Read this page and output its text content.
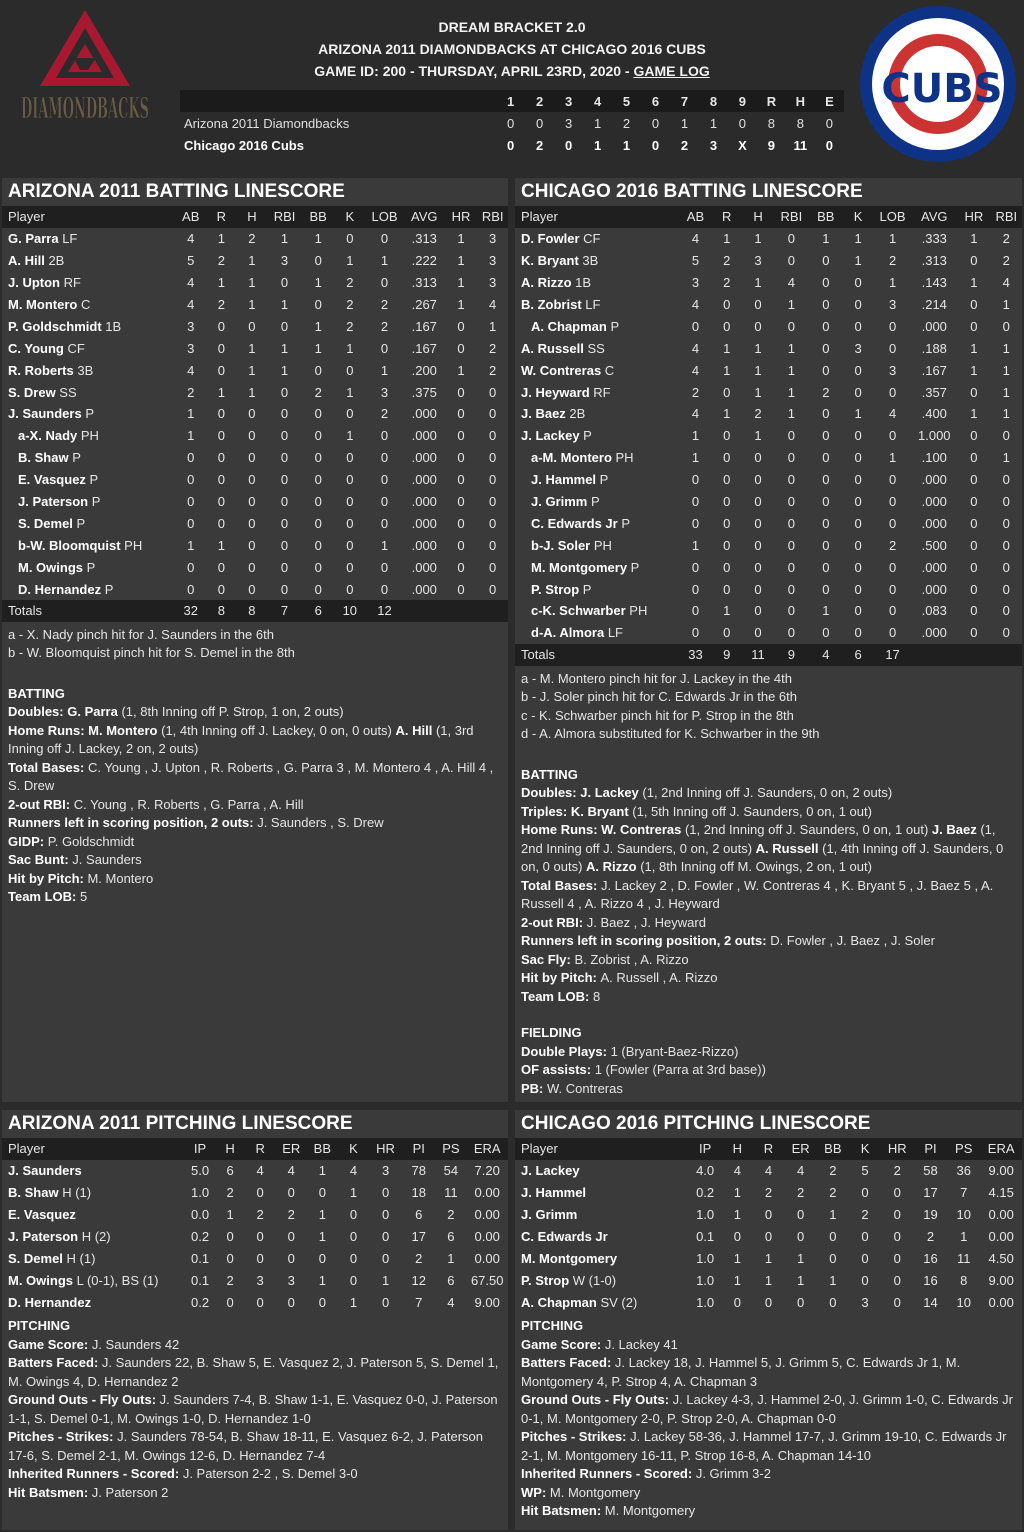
DIAMONDBACKS
DREAM BRACKET 2.0
ARIZONA 2011 DIAMONDBACKS AT CHICAGO 2016 CUBS
GAME ID: 200 - THURSDAY, APRIL 23RD, 2020 - GAME LOG
	1	2	3	4	5	6	7	8	9	R	H	E
Arizona 2011 Diamondbacks	0	0	3	1	2	0	1	1	0	8	8	0
Chicago 2016 Cubs	0	2	0	1	1	0	2	3	X	9	11	0
CUBS
ARIZONA 2011 BATTING LINESCORE
Player	AB	R	H	RBI	BB	K	LOB	AVG	HR	RBI
G. Parra LF	4	1	2	1	1	0	0	.313	1	3
A. Hill 2B	5	2	1	3	0	1	1	.222	1	3
J. Upton RF	4	1	1	0	1	2	0	.313	1	3
M. Montero C	4	2	1	1	0	2	2	.267	1	4
P. Goldschmidt 1B	3	0	0	0	1	2	2	.167	0	1
C. Young CF	3	0	1	1	1	1	0	.167	0	2
R. Roberts 3B	4	0	1	1	0	0	1	.200	1	2
S. Drew SS	2	1	1	0	2	1	3	.375	0	0
J. Saunders P	1	0	0	0	0	0	2	.000	0	0
a-X. Nady PH	1	0	0	0	0	1	0	.000	0	0
B. Shaw P	0	0	0	0	0	0	0	.000	0	0
E. Vasquez P	0	0	0	0	0	0	0	.000	0	0
J. Paterson P	0	0	0	0	0	0	0	.000	0	0
S. Demel P	0	0	0	0	0	0	0	.000	0	0
b-W. Bloomquist PH	1	1	0	0	0	0	1	.000	0	0
M. Owings P	0	0	0	0	0	0	0	.000	0	0
D. Hernandez P	0	0	0	0	0	0	0	.000	0	0
Totals	32	8	8	7	6	10	12			
a - X. Nady pinch hit for J. Saunders in the 6th
b - W. Bloomquist pinch hit for S. Demel in the 8th
BATTING
Doubles: G. Parra (1, 8th Inning off P. Strop, 1 on, 2 outs)
Home Runs: M. Montero (1, 4th Inning off J. Lackey, 0 on, 0 outs) A. Hill (1, 3rd Inning off J. Lackey, 2 on, 2 outs)
Total Bases: C. Young , J. Upton , R. Roberts , G. Parra 3 , M. Montero 4 , A. Hill 4 , S. Drew
2-out RBI: C. Young , R. Roberts , G. Parra , A. Hill
Runners left in scoring position, 2 outs: J. Saunders , S. Drew
GIDP: P. Goldschmidt
Sac Bunt: J. Saunders
Hit by Pitch: M. Montero
Team LOB: 5
CHICAGO 2016 BATTING LINESCORE
Player	AB	R	H	RBI	BB	K	LOB	AVG	HR	RBI
D. Fowler CF	4	1	1	0	1	1	1	.333	1	2
K. Bryant 3B	5	2	3	0	0	1	2	.313	0	2
A. Rizzo 1B	3	2	1	4	0	0	1	.143	1	4
B. Zobrist LF	4	0	0	1	0	0	3	.214	0	1
A. Chapman P	0	0	0	0	0	0	0	.000	0	0
A. Russell SS	4	1	1	1	0	3	0	.188	1	1
W. Contreras C	4	1	1	1	0	0	3	.167	1	1
J. Heyward RF	2	0	1	1	2	0	0	.357	0	1
J. Baez 2B	4	1	2	1	0	1	4	.400	1	1
J. Lackey P	1	0	1	0	0	0	0	1.000	0	0
a-M. Montero PH	1	0	0	0	0	0	1	.100	0	1
J. Hammel P	0	0	0	0	0	0	0	.000	0	0
J. Grimm P	0	0	0	0	0	0	0	.000	0	0
C. Edwards Jr P	0	0	0	0	0	0	0	.000	0	0
b-J. Soler PH	1	0	0	0	0	0	2	.500	0	0
M. Montgomery P	0	0	0	0	0	0	0	.000	0	0
P. Strop P	0	0	0	0	0	0	0	.000	0	0
c-K. Schwarber PH	0	1	0	0	1	0	0	.083	0	0
d-A. Almora LF	0	0	0	0	0	0	0	.000	0	0
Totals	33	9	11	9	4	6	17			
a - M. Montero pinch hit for J. Lackey in the 4th
b - J. Soler pinch hit for C. Edwards Jr in the 6th
c - K. Schwarber pinch hit for P. Strop in the 8th
d - A. Almora substituted for K. Schwarber in the 9th
BATTING
Doubles: J. Lackey (1, 2nd Inning off J. Saunders, 0 on, 2 outs)
Triples: K. Bryant (1, 5th Inning off J. Saunders, 0 on, 1 out)
Home Runs: W. Contreras (1, 2nd Inning off J. Saunders, 0 on, 1 out) J. Baez (1, 2nd Inning off J. Saunders, 0 on, 2 outs) A. Russell (1, 4th Inning off J. Saunders, 0 on, 0 outs) A. Rizzo (1, 8th Inning off M. Owings, 2 on, 1 out)
Total Bases: J. Lackey 2 , D. Fowler , W. Contreras 4 , K. Bryant 5 , J. Baez 5 , A. Russell 4 , A. Rizzo 4 , J. Heyward
2-out RBI: J. Baez , J. Heyward
Runners left in scoring position, 2 outs: D. Fowler , J. Baez , J. Soler
Sac Fly: B. Zobrist , A. Rizzo
Hit by Pitch: A. Russell , A. Rizzo
Team LOB: 8
FIELDING
Double Plays: 1 (Bryant-Baez-Rizzo)
OF assists: 1 (Fowler (Parra at 3rd base))
PB: W. Contreras
ARIZONA 2011 PITCHING LINESCORE
Player	IP	H	R	ER	BB	K	HR	PI	PS	ERA
J. Saunders	5.0	6	4	4	1	4	3	78	54	7.20
B. Shaw H (1)	1.0	2	0	0	0	1	0	18	11	0.00
E. Vasquez	0.0	1	2	2	1	0	0	6	2	0.00
J. Paterson H (2)	0.2	0	0	0	1	0	0	17	6	0.00
S. Demel H (1)	0.1	0	0	0	0	0	0	2	1	0.00
M. Owings L (0-1), BS (1)	0.1	2	3	3	1	0	1	12	6	67.50
D. Hernandez	0.2	0	0	0	0	1	0	7	4	9.00
PITCHING
Game Score: J. Saunders 42
Batters Faced: J. Saunders 22, B. Shaw 5, E. Vasquez 2, J. Paterson 5, S. Demel 1, M. Owings 4, D. Hernandez 2
Ground Outs - Fly Outs: J. Saunders 7-4, B. Shaw 1-1, E. Vasquez 0-0, J. Paterson 1-1, S. Demel 0-1, M. Owings 1-0, D. Hernandez 1-0
Pitches - Strikes: J. Saunders 78-54, B. Shaw 18-11, E. Vasquez 6-2, J. Paterson 17-6, S. Demel 2-1, M. Owings 12-6, D. Hernandez 7-4
Inherited Runners - Scored: J. Paterson 2-2 , S. Demel 3-0
Hit Batsmen: J. Paterson 2
CHICAGO 2016 PITCHING LINESCORE
Player	IP	H	R	ER	BB	K	HR	PI	PS	ERA
J. Lackey	4.0	4	4	4	2	5	2	58	36	9.00
J. Hammel	0.2	1	2	2	2	0	0	17	7	4.15
J. Grimm	1.0	1	0	0	1	2	0	19	10	0.00
C. Edwards Jr	0.1	0	0	0	0	0	0	2	1	0.00
M. Montgomery	1.0	1	1	1	0	0	0	16	11	4.50
P. Strop W (1-0)	1.0	1	1	1	1	0	0	16	8	9.00
A. Chapman SV (2)	1.0	0	0	0	0	3	0	14	10	0.00
PITCHING
Game Score: J. Lackey 41
Batters Faced: J. Lackey 18, J. Hammel 5, J. Grimm 5, C. Edwards Jr 1, M. Montgomery 4, P. Strop 4, A. Chapman 3
Ground Outs - Fly Outs: J. Lackey 4-3, J. Hammel 2-0, J. Grimm 1-0, C. Edwards Jr 0-1, M. Montgomery 2-0, P. Strop 2-0, A. Chapman 0-0
Pitches - Strikes: J. Lackey 58-36, J. Hammel 17-7, J. Grimm 19-10, C. Edwards Jr 2-1, M. Montgomery 16-11, P. Strop 16-8, A. Chapman 14-10
Inherited Runners - Scored: J. Grimm 3-2
WP: M. Montgomery
Hit Batsmen: M. Montgomery
